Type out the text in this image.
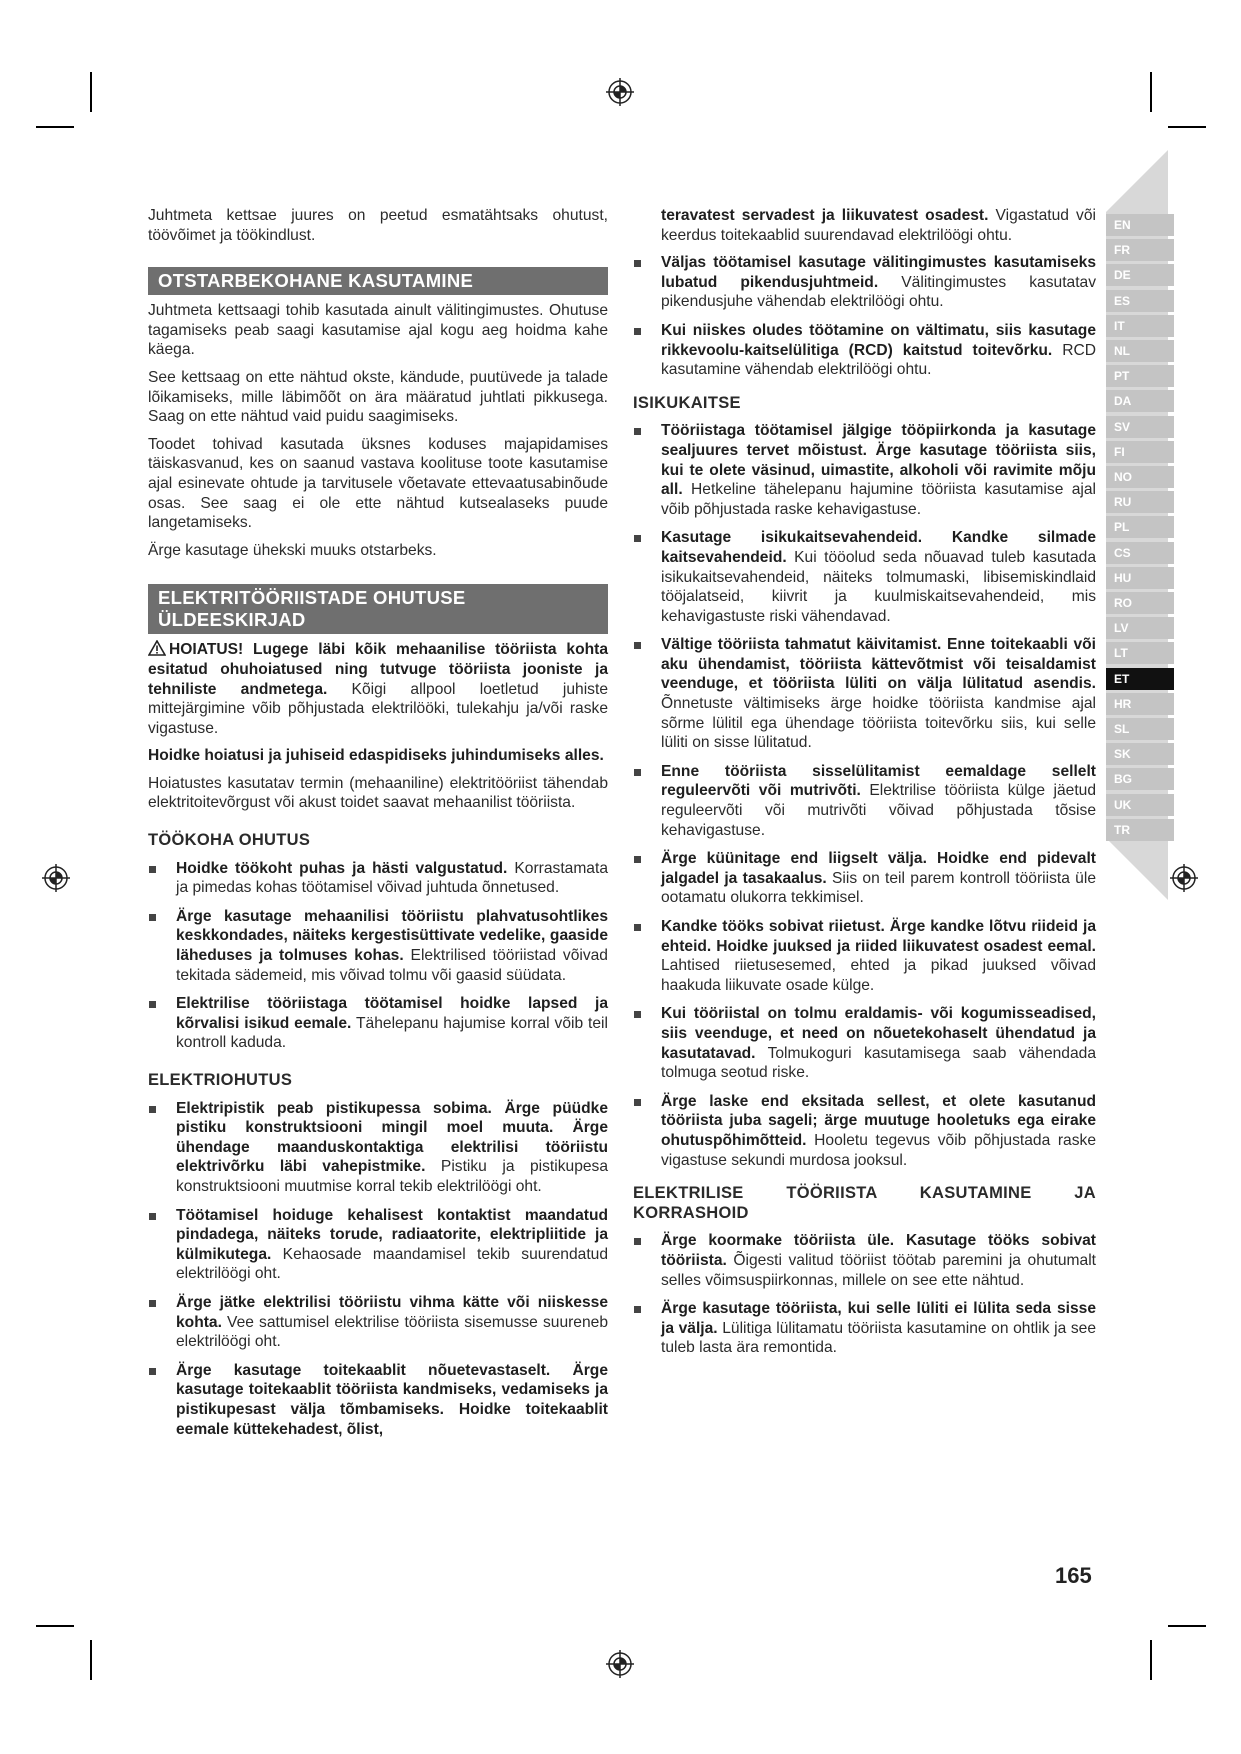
EN
FR
DE
ES
IT
NL
PT
DA
SV
FI
NO
RU
PL
CS
HU
RO
LV
LT
ET
HR
SL
SK
BG
UK
TR

Juhtmeta kettsae juures on peetud esmatähtsaks ohutust, töövõimet ja töökindlust.

OTSTARBEKOHANE KASUTAMINE

Juhtmeta kettsaagi tohib kasutada ainult välitingimustes. Ohutuse tagamiseks peab saagi kasutamise ajal kogu aeg hoidma kahe käega.

See kettsaag on ette nähtud okste, kändude, puutüvede ja talade lõikamiseks, mille läbimõõt on ära määratud juhtlati pikkusega. Saag on ette nähtud vaid puidu saagimiseks.

Toodet tohivad kasutada üksnes koduses majapidamises täiskasvanud, kes on saanud vastava koolituse toote kasutamise ajal esinevate ohtude ja tarvitusele võetavate ettevaatusabinõude osas. See saag ei ole ette nähtud kutsealaseks puude langetamiseks.

Ärge kasutage ühekski muuks otstarbeks.

ELEKTRITÖÖRIISTADE OHUTUSE
ÜLDEESKIRJAD

HOIATUS! Lugege läbi kõik mehaanilise tööriista kohta esitatud ohuhoiatused ning tutvuge tööriista jooniste ja tehniliste andmetega. Kõigi allpool loetletud juhiste mittejärgimine võib põhjustada elektrilööki, tulekahju ja/või raske vigastuse.

Hoidke hoiatusi ja juhiseid edaspidiseks juhindumiseks alles.

Hoiatustes kasutatav termin (mehaaniline) elektritööriist tähendab elektritoitevõrgust või akust toidet saavat mehaanilist tööriista.

TÖÖKOHA OHUTUS
Hoidke töökoht puhas ja hästi valgustatud. Korrastamata ja pimedas kohas töötamisel võivad juhtuda õnnetused.
Ärge kasutage mehaanilisi tööriistu plahvatusohtlikes keskkondades, näiteks kergestisüttivate vedelike, gaaside läheduses ja tolmuses kohas. Elektrilised tööriistad võivad tekitada sädemeid, mis võivad tolmu või gaasid süüdata.
Elektrilise tööriistaga töötamisel hoidke lapsed ja kõrvalisi isikud eemale. Tähelepanu hajumise korral võib teil kontroll kaduda.
ELEKTRIOHUTUS
Elektripistik peab pistikupessa sobima. Ärge püüdke pistiku konstruktsiooni mingil moel muuta. Ärge ühendage maanduskontaktiga elektrilisi tööriistu elektrivõrku läbi vahepistmike. Pistiku ja pistikupesa konstruktsiooni muutmise korral tekib elektrilöögi oht.
Töötamisel hoiduge kehalisest kontaktist maandatud pindadega, näiteks torude, radiaatorite, elektripliitide ja külmikutega. Kehaosade maandamisel tekib suurendatud elektrilöögi oht.
Ärge jätke elektrilisi tööriistu vihma kätte või niiskesse kohta. Vee sattumisel elektrilise tööriista sisemusse suureneb elektrilöögi oht.
Ärge kasutage toitekaablit nõuetevastaselt. Ärge kasutage toitekaablit tööriista kandmiseks, vedamiseks ja pistikupesast välja tõmbamiseks. Hoidke toitekaablit eemale küttekehadest, õlist,

teravatest servadest ja liikuvatest osadest. Vigastatud või keerdus toitekaablid suurendavad elektrilöögi ohtu.

Väljas töötamisel kasutage välitingimustes kasutamiseks lubatud pikendusjuhtmeid. Välitingimustes kasutatav pikendusjuhe vähendab elektrilöögi ohtu.
Kui niiskes oludes töötamine on vältimatu, siis kasutage rikkevoolu-kaitselülitiga (RCD) kaitstud toitevõrku. RCD kasutamine vähendab elektrilöögi ohtu.
ISIKUKAITSE
Tööriistaga töötamisel jälgige tööpiirkonda ja kasutage sealjuures tervet mõistust. Ärge kasutage tööriista siis, kui te olete väsinud, uimastite, alkoholi või ravimite mõju all. Hetkeline tähelepanu hajumine tööriista kasutamise ajal võib põhjustada raske kehavigastuse.
Kasutage isikukaitsevahendeid. Kandke silmade kaitsevahendeid. Kui tööolud seda nõuavad tuleb kasutada isikukaitsevahendeid, näiteks tolmumaski, libisemiskindlaid tööjalatseid, kiivrit ja kuulmiskaitsevahendeid, mis kehavigastuste riski vähendavad.
Vältige tööriista tahmatut käivitamist. Enne toitekaabli või aku ühendamist, tööriista kättevõtmist või teisaldamist veenduge, et tööriista lüliti on välja lülitatud asendis. Õnnetuste vältimiseks ärge hoidke tööriista kandmise ajal sõrme lülitil ega ühendage tööriista toitevõrku siis, kui selle lüliti on sisse lülitatud.
Enne tööriista sisselülitamist eemaldage sellelt reguleervõti või mutrivõti. Elektrilise tööriista külge jäetud reguleervõti või mutrivõti võivad põhjustada tõsise kehavigastuse.
Ärge küünitage end liigselt välja. Hoidke end pidevalt jalgadel ja tasakaalus. Siis on teil parem kontroll tööriista üle ootamatu olukorra tekkimisel.
Kandke tööks sobivat riietust. Ärge kandke lõtvu riideid ja ehteid. Hoidke juuksed ja riided liikuvatest osadest eemal. Lahtised riietusesemed, ehted ja pikad juuksed võivad haakuda liikuvate osade külge.
Kui tööriistal on tolmu eraldamis- või kogumisseadised, siis veenduge, et need on nõuetekohaselt ühendatud ja kasutatavad. Tolmukoguri kasutamisega saab vähendada tolmuga seotud riske.
Ärge laske end eksitada sellest, et olete kasutanud tööriista juba sageli; ärge muutuge hooletuks ega eirake ohutuspõhimõtteid. Hooletu tegevus võib põhjustada raske vigastuse sekundi murdosa jooksul.
ELEKTRILISE TÖÖRIISTA KASUTAMINE JA KORRASHOID
Ärge koormake tööriista üle. Kasutage tööks sobivat tööriista. Õigesti valitud tööriist töötab paremini ja ohutumalt selles võimsuspiirkonnas, millele on see ette nähtud.
Ärge kasutage tööriista, kui selle lüliti ei lülita seda sisse ja välja. Lülitiga lülitamatu tööriista kasutamine on ohtlik ja see tuleb lasta ära remontida.
165
